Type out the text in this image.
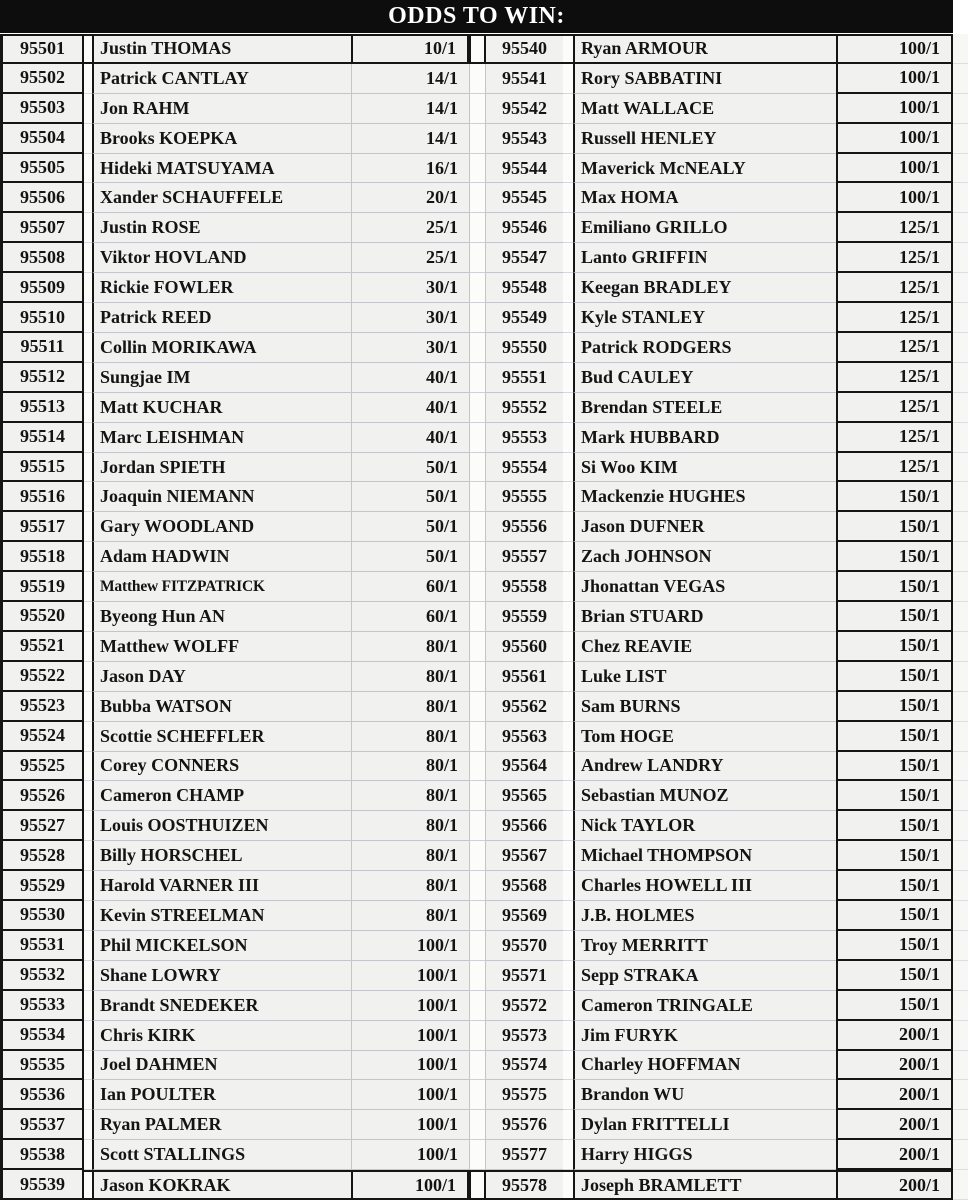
ODDS TO WIN:
95501	Justin THOMAS	10/1	95540	Ryan ARMOUR	100/1
95502	Patrick CANTLAY	14/1	95541	Rory SABBATINI	100/1
95503	Jon RAHM	14/1	95542	Matt WALLACE	100/1
95504	Brooks KOEPKA	14/1	95543	Russell HENLEY	100/1
95505	Hideki MATSUYAMA	16/1	95544	Maverick McNEALY	100/1
95506	Xander SCHAUFFELE	20/1	95545	Max HOMA	100/1
95507	Justin ROSE	25/1	95546	Emiliano GRILLO	125/1
95508	Viktor HOVLAND	25/1	95547	Lanto GRIFFIN	125/1
95509	Rickie FOWLER	30/1	95548	Keegan BRADLEY	125/1
95510	Patrick REED	30/1	95549	Kyle STANLEY	125/1
95511	Collin MORIKAWA	30/1	95550	Patrick RODGERS	125/1
95512	Sungjae IM	40/1	95551	Bud CAULEY	125/1
95513	Matt KUCHAR	40/1	95552	Brendan STEELE	125/1
95514	Marc LEISHMAN	40/1	95553	Mark HUBBARD	125/1
95515	Jordan SPIETH	50/1	95554	Si Woo KIM	125/1
95516	Joaquin NIEMANN	50/1	95555	Mackenzie HUGHES	150/1
95517	Gary WOODLAND	50/1	95556	Jason DUFNER	150/1
95518	Adam HADWIN	50/1	95557	Zach JOHNSON	150/1
95519	Matthew FITZPATRICK	60/1	95558	Jhonattan VEGAS	150/1
95520	Byeong Hun AN	60/1	95559	Brian STUARD	150/1
95521	Matthew WOLFF	80/1	95560	Chez REAVIE	150/1
95522	Jason DAY	80/1	95561	Luke LIST	150/1
95523	Bubba WATSON	80/1	95562	Sam BURNS	150/1
95524	Scottie SCHEFFLER	80/1	95563	Tom HOGE	150/1
95525	Corey CONNERS	80/1	95564	Andrew LANDRY	150/1
95526	Cameron CHAMP	80/1	95565	Sebastian MUNOZ	150/1
95527	Louis OOSTHUIZEN	80/1	95566	Nick TAYLOR	150/1
95528	Billy HORSCHEL	80/1	95567	Michael THOMPSON	150/1
95529	Harold VARNER III	80/1	95568	Charles HOWELL III	150/1
95530	Kevin STREELMAN	80/1	95569	J.B. HOLMES	150/1
95531	Phil MICKELSON	100/1	95570	Troy MERRITT	150/1
95532	Shane LOWRY	100/1	95571	Sepp STRAKA	150/1
95533	Brandt SNEDEKER	100/1	95572	Cameron TRINGALE	150/1
95534	Chris KIRK	100/1	95573	Jim FURYK	200/1
95535	Joel DAHMEN	100/1	95574	Charley HOFFMAN	200/1
95536	Ian POULTER	100/1	95575	Brandon WU	200/1
95537	Ryan PALMER	100/1	95576	Dylan FRITTELLI	200/1
95538	Scott STALLINGS	100/1	95577	Harry HIGGS	200/1
95539	Jason KOKRAK	100/1	95578	Joseph BRAMLETT	200/1
